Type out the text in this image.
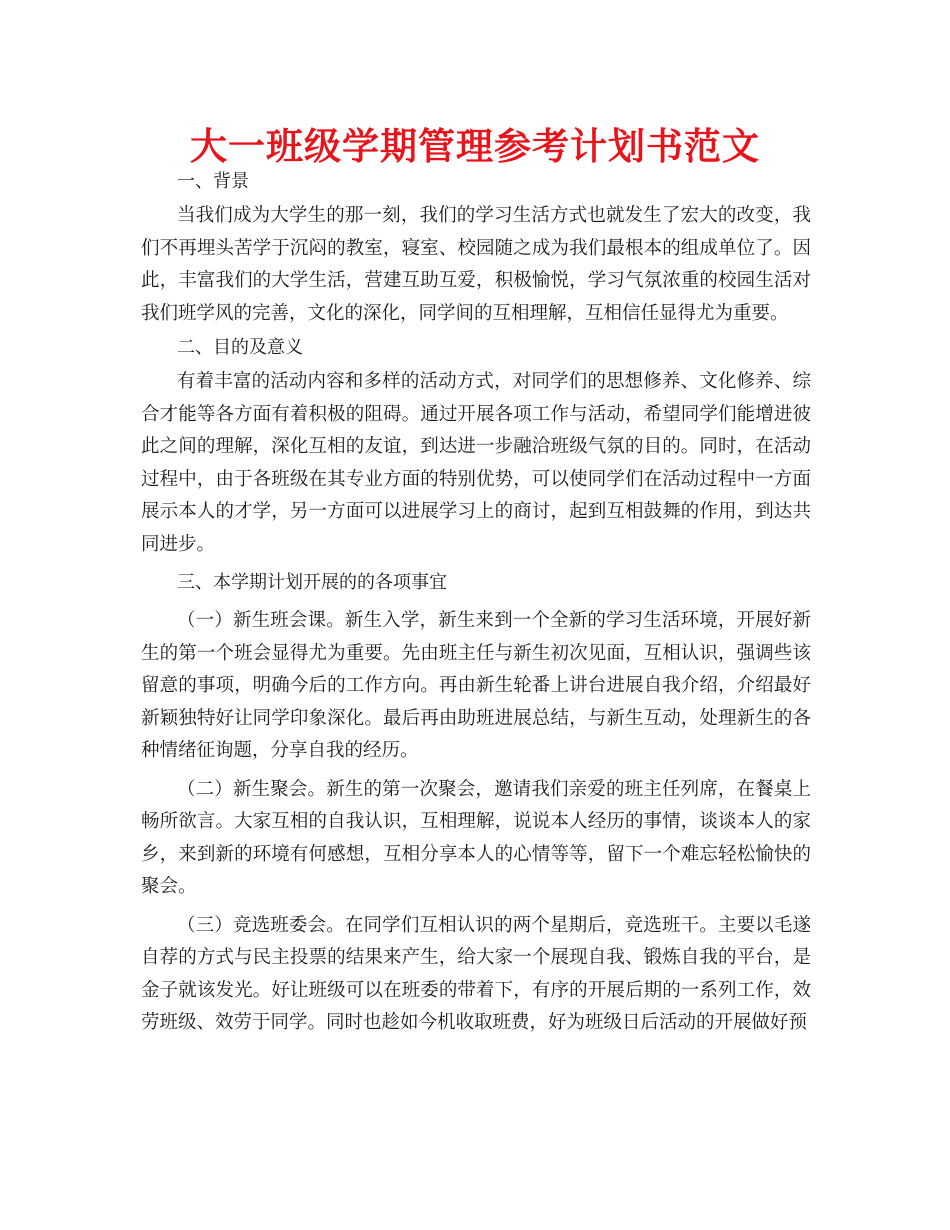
大一班级学期管理参考计划书范文

一、背景

当我们成为大学生的那一刻，我们的学习生活方式也就发生了宏大的改变，我们不再埋头苦学于沉闷的教室，寝室、校园随之成为我们最根本的组成单位了。因此，丰富我们的大学生活，营建互助互爱，积极愉悦，学习气氛浓重的校园生活对我们班学风的完善，文化的深化，同学间的互相理解，互相信任显得尤为重要。

二、目的及意义

有着丰富的活动内容和多样的活动方式，对同学们的思想修养、文化修养、综合才能等各方面有着积极的阻碍。通过开展各项工作与活动，希望同学们能增进彼此之间的理解，深化互相的友谊，到达进一步融洽班级气氛的目的。同时，在活动过程中，由于各班级在其专业方面的特别优势，可以使同学们在活动过程中一方面展示本人的才学，另一方面可以进展学习上的商讨，起到互相鼓舞的作用，到达共同进步。

三、本学期计划开展的的各项事宜

（一）新生班会课。新生入学，新生来到一个全新的学习生活环境，开展好新生的第一个班会显得尤为重要。先由班主任与新生初次见面，互相认识，强调些该留意的事项，明确今后的工作方向。再由新生轮番上讲台进展自我介绍，介绍最好新颖独特好让同学印象深化。最后再由助班进展总结，与新生互动，处理新生的各种情绪征询题，分享自我的经历。

（二）新生聚会。新生的第一次聚会，邀请我们亲爱的班主任列席，在餐桌上畅所欲言。大家互相的自我认识，互相理解，说说本人经历的事情，谈谈本人的家乡，来到新的环境有何感想，互相分享本人的心情等等，留下一个难忘轻松愉快的聚会。

（三）竞选班委会。在同学们互相认识的两个星期后，竞选班干。主要以毛遂自荐的方式与民主投票的结果来产生，给大家一个展现自我、锻炼自我的平台，是金子就该发光。好让班级可以在班委的带着下，有序的开展后期的一系列工作，效劳班级、效劳于同学。同时也趁如今机收取班费，好为班级日后活动的开展做好预
